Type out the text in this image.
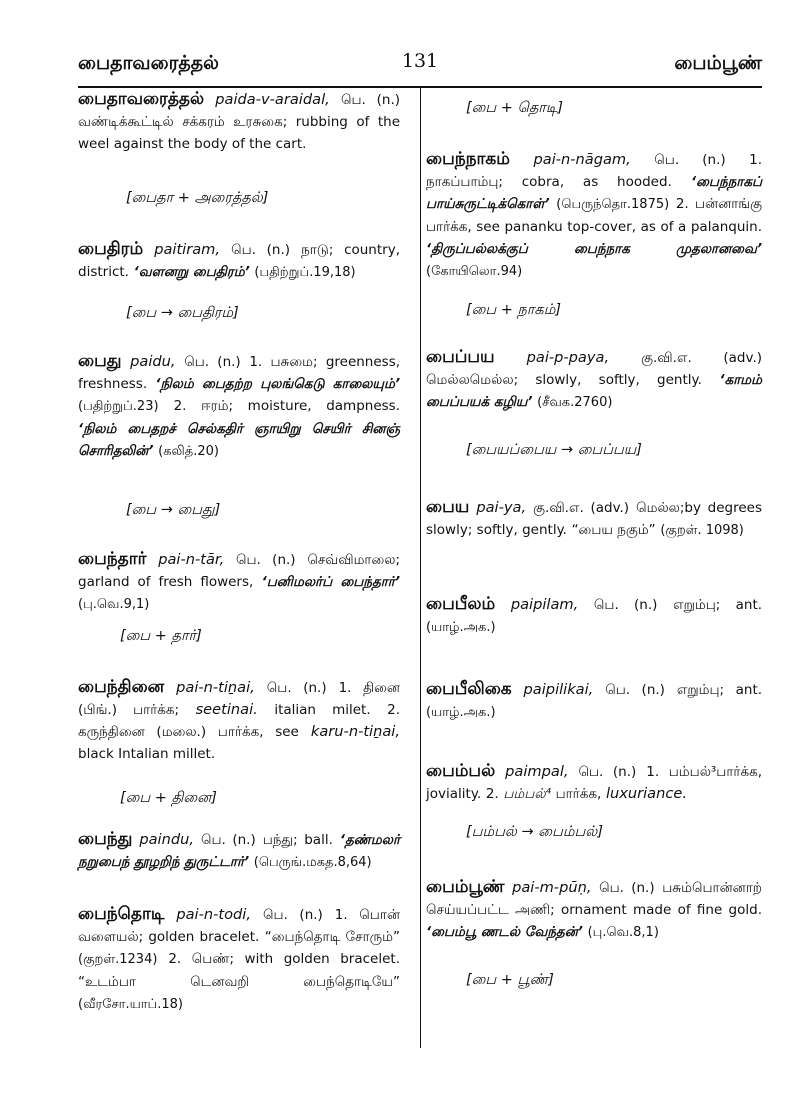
பைதாவரைத்தல்	131	பைம்பூண்
பைதாவரைத்தல் paida-v-araidal, பெ. (n.) வண்டிக்கூட்டில் சக்கரம் உரசுகை; rubbing of the weel against the body of the cart.
[பைதா + அரைத்தல்]
பைதிரம் paitiram, பெ. (n.) நாடு; country, district. ‘வளனறு பைதிரம்’ (பதிற்றுப்.19,18)
[பை → பைதிரம்]
பைது paidu, பெ. (n.) 1. பசுமை; greenness, freshness. ‘நிலம் பைதற்ற புலங்கெடு காலையும்’ (பதிற்றுப்.23) 2. ஈரம்; moisture, dampness. ‘நிலம் பைதறச் செல்கதிர் ஞாயிறு செயிர் சினஞ் சொரிதலின்’ (கலித்.20)
[பை → பைது]
பைந்தார் pai-n-tār, பெ. (n.) செவ்விமாலை; garland of fresh flowers, ‘பனிமலர்ப் பைந்தார்’ (பு.வெ.9,1)
[பை + தார்]
பைந்தினை pai-n-tiṉai, பெ. (n.) 1. தினை (பிங்.) பார்க்க; seetinai. italian milet. 2. கருந்தினை (மலை.) பார்க்க, see karu-n-tiṉai, black Intalian millet.
[பை + தினை]
பைந்து paindu, பெ. (n.) பந்து; ball. ‘தண்மலர் நறுபைந் தூழறிந் துருட்டார்’ (பெருங்.மகத.8,64)
பைந்தொடி pai-n-todi, பெ. (n.) 1. பொன் வளையல்; golden bracelet. “பைந்தொடி சோரும்” (குறள்.1234) 2. பெண்; with golden bracelet. “உடம்பா டெனவறி பைந்தொடியே” (வீரசோ.யாப்.18)
[பை + தொடி]
பைந்நாகம் pai-n-nāgam, பெ. (n.) 1. நாகப்பாம்பு; cobra, as hooded. ‘பைந்நாகப் பாய்சுருட்டிக்கொள்’ (பெருந்தொ.1875) 2. பன்னாங்கு பார்க்க, see pananku top-cover, as of a palanquin. ‘திருப்பல்லக்குப் பைந்நாக முதலானவை’ (கோயிலொ.94)
[பை + நாகம்]
பைப்பய pai-p-paya, கு.வி.எ. (adv.) மெல்லமெல்ல; slowly, softly, gently. ‘காமம் பைப்பயக் கழிய’ (சீவக.2760)
[பையப்பைய → பைப்பய]
பைய pai-ya, கு.வி.எ. (adv.) மெல்ல;by degrees slowly; softly, gently. “பைய நகும்” (குறள். 1098)
பைபீலம் paipilam, பெ. (n.) எறும்பு; ant. (யாழ்.அக.)
பைபீலிகை paipilikai, பெ. (n.) எறும்பு; ant. (யாழ்.அக.)
பைம்பல் paimpal, பெ. (n.) 1. பம்பல்³பார்க்க, joviality. 2. பம்பல்⁴ பார்க்க, luxuriance.
[பம்பல் → பைம்பல்]
பைம்பூண் pai-m-pūṇ, பெ. (n.) பசும்பொன்னாற் செய்யப்பட்ட அணி; ornament made of fine gold. ‘பைம்பூ ணடல் வேந்தன்’ (பு.வெ.8,1)
[பை + பூண்]
